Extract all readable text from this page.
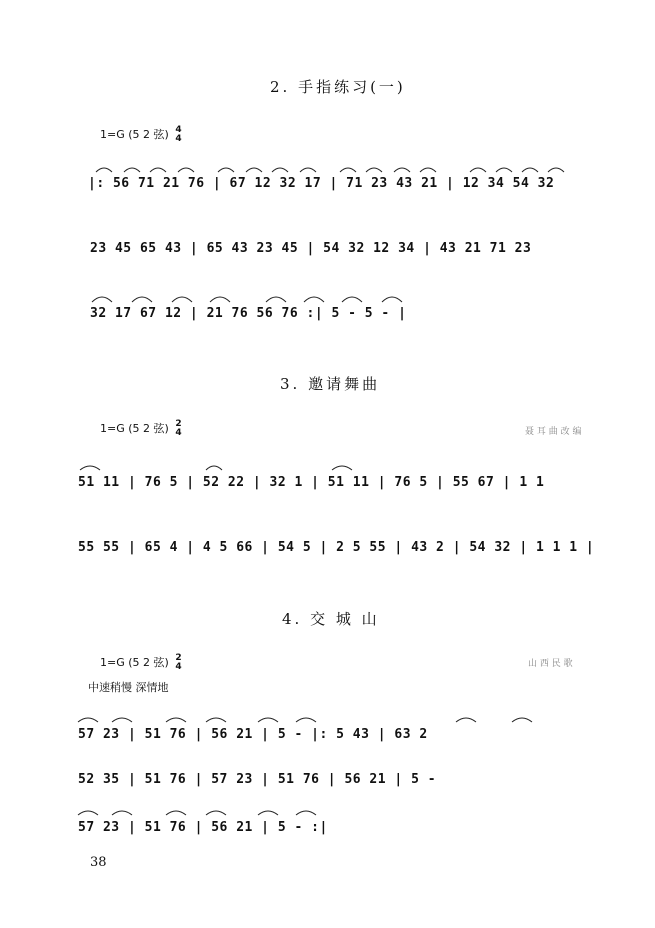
2. 手指练习(一)
1=G (5 2 弦) 4
4
|: 56 71 21 76 | 67 12 32 17 | 71 23 43 21 | 12 34 54 32
23 45 65 43 | 65 43 23 45 | 54 32 12 34 | 43 21 71 23
32 17 67 12 | 21 76 56 76 :| 5 - 5 - |
3. 邀请舞曲
1=G (5 2 弦) 2
4	聂 耳 曲 改 编
51 11 | 76 5 | 52 22 | 32 1 | 51 11 | 76 5 | 55 67 | 1 1
55 55 | 65 4 | 4 5 66 | 54 5 | 2 5 55 | 43 2 | 54 32 | 1 1 1 |
4. 交 城 山
1=G (5 2 弦) 2
4	山 西 民 歌
中速稍慢 深情地
57 23 | 51 76 | 56 21 | 5 - |: 5 43 | 63 2
52 35 | 51 76 | 57 23 | 51 76 | 56 21 | 5 -
57 23 | 51 76 | 56 21 | 5 - :|
38
